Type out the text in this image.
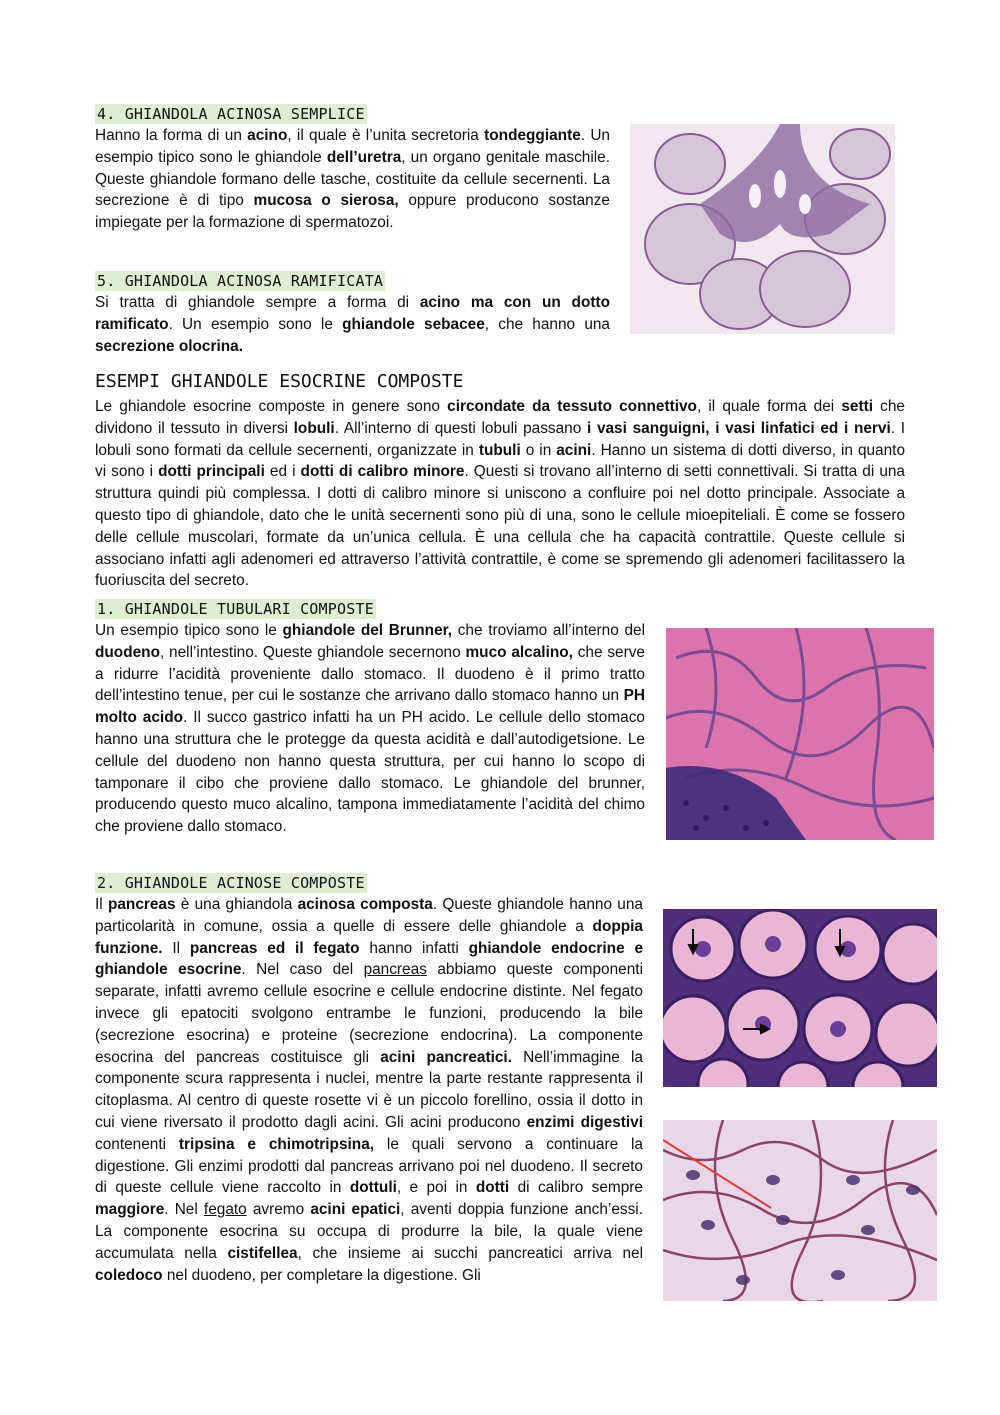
4. GHIANDOLA ACINOSA SEMPLICE

Hanno la forma di un acino, il quale è l’unita secretoria tondeggiante. Un esempio tipico sono le ghiandole dell’uretra, un organo genitale maschile. Queste ghiandole formano delle tasche, costituite da cellule secernenti. La secrezione è di tipo mucosa o sierosa, oppure producono sostanze impiegate per la formazione di spermatozoi.

5. GHIANDOLA ACINOSA RAMIFICATA

Si tratta di ghiandole sempre a forma di acino ma con un dotto ramificato. Un esempio sono le ghiandole sebacee, che hanno una secrezione olocrina.

ESEMPI GHIANDOLE ESOCRINE COMPOSTE

Le ghiandole esocrine composte in genere sono circondate da tessuto connettivo, il quale forma dei setti che dividono il tessuto in diversi lobuli. All’interno di questi lobuli passano i vasi sanguigni, i vasi linfatici ed i nervi. I lobuli sono formati da cellule secernenti, organizzate in tubuli o in acini. Hanno un sistema di dotti diverso, in quanto vi sono i dotti principali ed i dotti di calibro minore. Questi si trovano all’interno di setti connettivali. Si tratta di una struttura quindi più complessa. I dotti di calibro minore si uniscono a confluire poi nel dotto principale. Associate a questo tipo di ghiandole, dato che le unità secernenti sono più di una, sono le cellule mioepiteliali. È come se fossero delle cellule muscolari, formate da un’unica cellula. È una cellula che ha capacità contrattile. Queste cellule si associano infatti agli adenomeri ed attraverso l’attività contrattile, è come se spremendo gli adenomeri facilitassero la fuoriuscita del secreto.

1. GHIANDOLE TUBULARI COMPOSTE

Un esempio tipico sono le ghiandole del Brunner, che troviamo all’interno del duodeno, nell’intestino. Queste ghiandole secernono muco alcalino, che serve a ridurre l’acidità proveniente dallo stomaco. Il duodeno è il primo tratto dell’intestino tenue, per cui le sostanze che arrivano dallo stomaco hanno un PH molto acido. Il succo gastrico infatti ha un PH acido. Le cellule dello stomaco hanno una struttura che le protegge da questa acidità e dall’autodigetsione. Le cellule del duodeno non hanno questa struttura, per cui hanno lo scopo di tamponare il cibo che proviene dallo stomaco. Le ghiandole del brunner, producendo questo muco alcalino, tampona immediatamente l’acidità del chimo che proviene dallo stomaco.

2. GHIANDOLE ACINOSE COMPOSTE

Il pancreas è una ghiandola acinosa composta. Queste ghiandole hanno una particolarità in comune, ossia a quelle di essere delle ghiandole a doppia funzione. Il pancreas ed il fegato hanno infatti ghiandole endocrine e ghiandole esocrine. Nel caso del pancreas abbiamo queste componenti separate, infatti avremo cellule esocrine e cellule endocrine distinte. Nel fegato invece gli epatociti svolgono entrambe le funzioni, producendo la bile (secrezione esocrina) e proteine (secrezione endocrina). La componente esocrina del pancreas costituisce gli acini pancreatici. Nell’immagine la componente scura rappresenta i nuclei, mentre la parte restante rappresenta il citoplasma. Al centro di queste rosette vi è un piccolo forellino, ossia il dotto in cui viene riversato il prodotto dagli acini. Gli acini producono enzimi digestivi contenenti tripsina e chimotripsina, le quali servono a continuare la digestione. Gli enzimi prodotti dal pancreas arrivano poi nel duodeno. Il secreto di queste cellule viene raccolto in dottuli, e poi in dotti di calibro sempre maggiore. Nel fegato avremo acini epatici, aventi doppia funzione anch’essi. La componente esocrina su occupa di produrre la bile, la quale viene accumulata nella cistifellea, che insieme ai succhi pancreatici arriva nel coledoco nel duodeno, per completare la digestione. Gli
